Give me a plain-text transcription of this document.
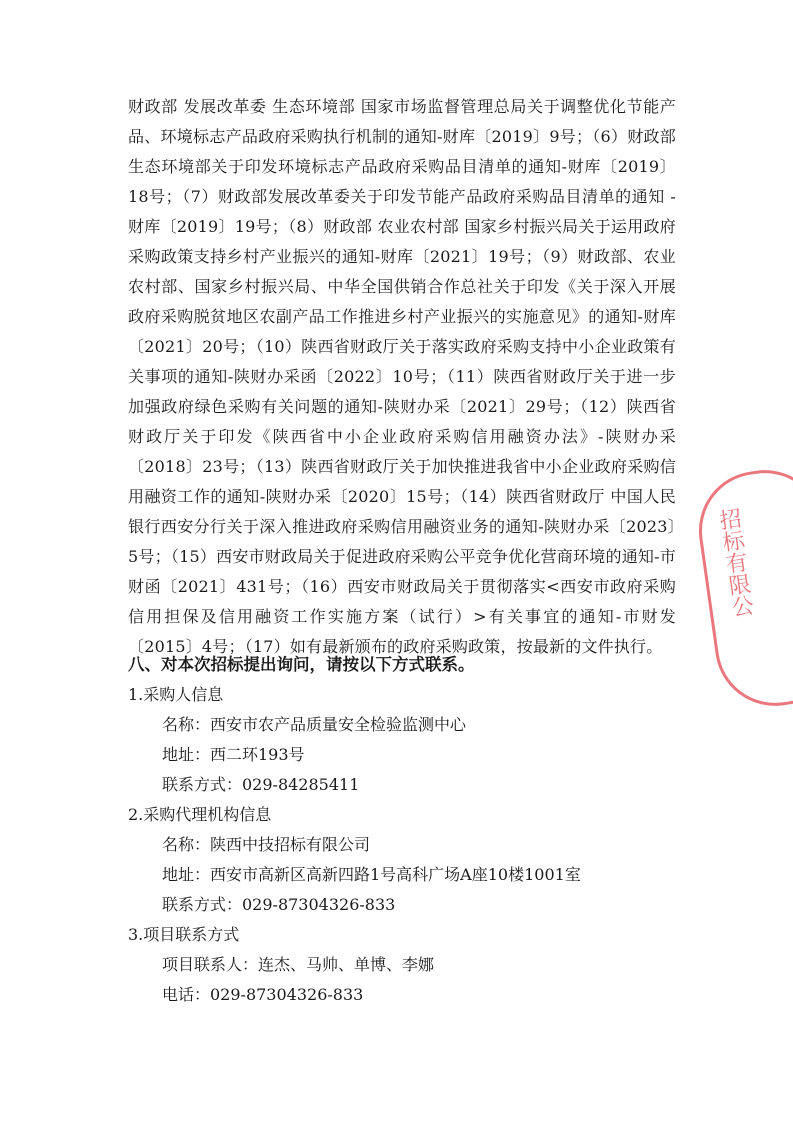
财政部 发展改革委 生态环境部 国家市场监督管理总局关于调整优化节能产品、环境标志产品政府采购执行机制的通知-财库〔2019〕9号；（6）财政部生态环境部关于印发环境标志产品政府采购品目清单的通知-财库〔2019〕18号；（7）财政部发展改革委关于印发节能产品政府采购品目清单的通知 -财库〔2019〕19号；（8）财政部 农业农村部 国家乡村振兴局关于运用政府采购政策支持乡村产业振兴的通知-财库〔2021〕19号；（9）财政部、农业农村部、国家乡村振兴局、中华全国供销合作总社关于印发《关于深入开展政府采购脱贫地区农副产品工作推进乡村产业振兴的实施意见》的通知-财库〔2021〕20号；（10）陕西省财政厅关于落实政府采购支持中小企业政策有关事项的通知-陕财办采函〔2022〕10号；（11）陕西省财政厅关于进一步加强政府绿色采购有关问题的通知-陕财办采〔2021〕29号；（12）陕西省财政厅关于印发《陕西省中小企业政府采购信用融资办法》-陕财办采〔2018〕23号；（13）陕西省财政厅关于加快推进我省中小企业政府采购信用融资工作的通知-陕财办采〔2020〕15号；（14）陕西省财政厅 中国人民银行西安分行关于深入推进政府采购信用融资业务的通知-陕财办采〔2023〕5号；（15）西安市财政局关于促进政府采购公平竞争优化营商环境的通知-市财函〔2021〕431号；（16）西安市财政局关于贯彻落实<西安市政府采购信用担保及信用融资工作实施方案（试行）>有关事宜的通知-市财发〔2015〕4号；（17）如有最新颁布的政府采购政策，按最新的文件执行。
八、对本次招标提出询问，请按以下方式联系。
1.采购人信息
名称：西安市农产品质量安全检验监测中心
地址：西二环193号
联系方式：029-84285411
2.采购代理机构信息
名称：陕西中技招标有限公司
地址：西安市高新区高新四路1号高科广场A座10楼1001室
联系方式：029-87304326-833
3.项目联系方式
项目联系人：连杰、马帅、单博、李娜
电话：029-87304326-833
招标有限公
